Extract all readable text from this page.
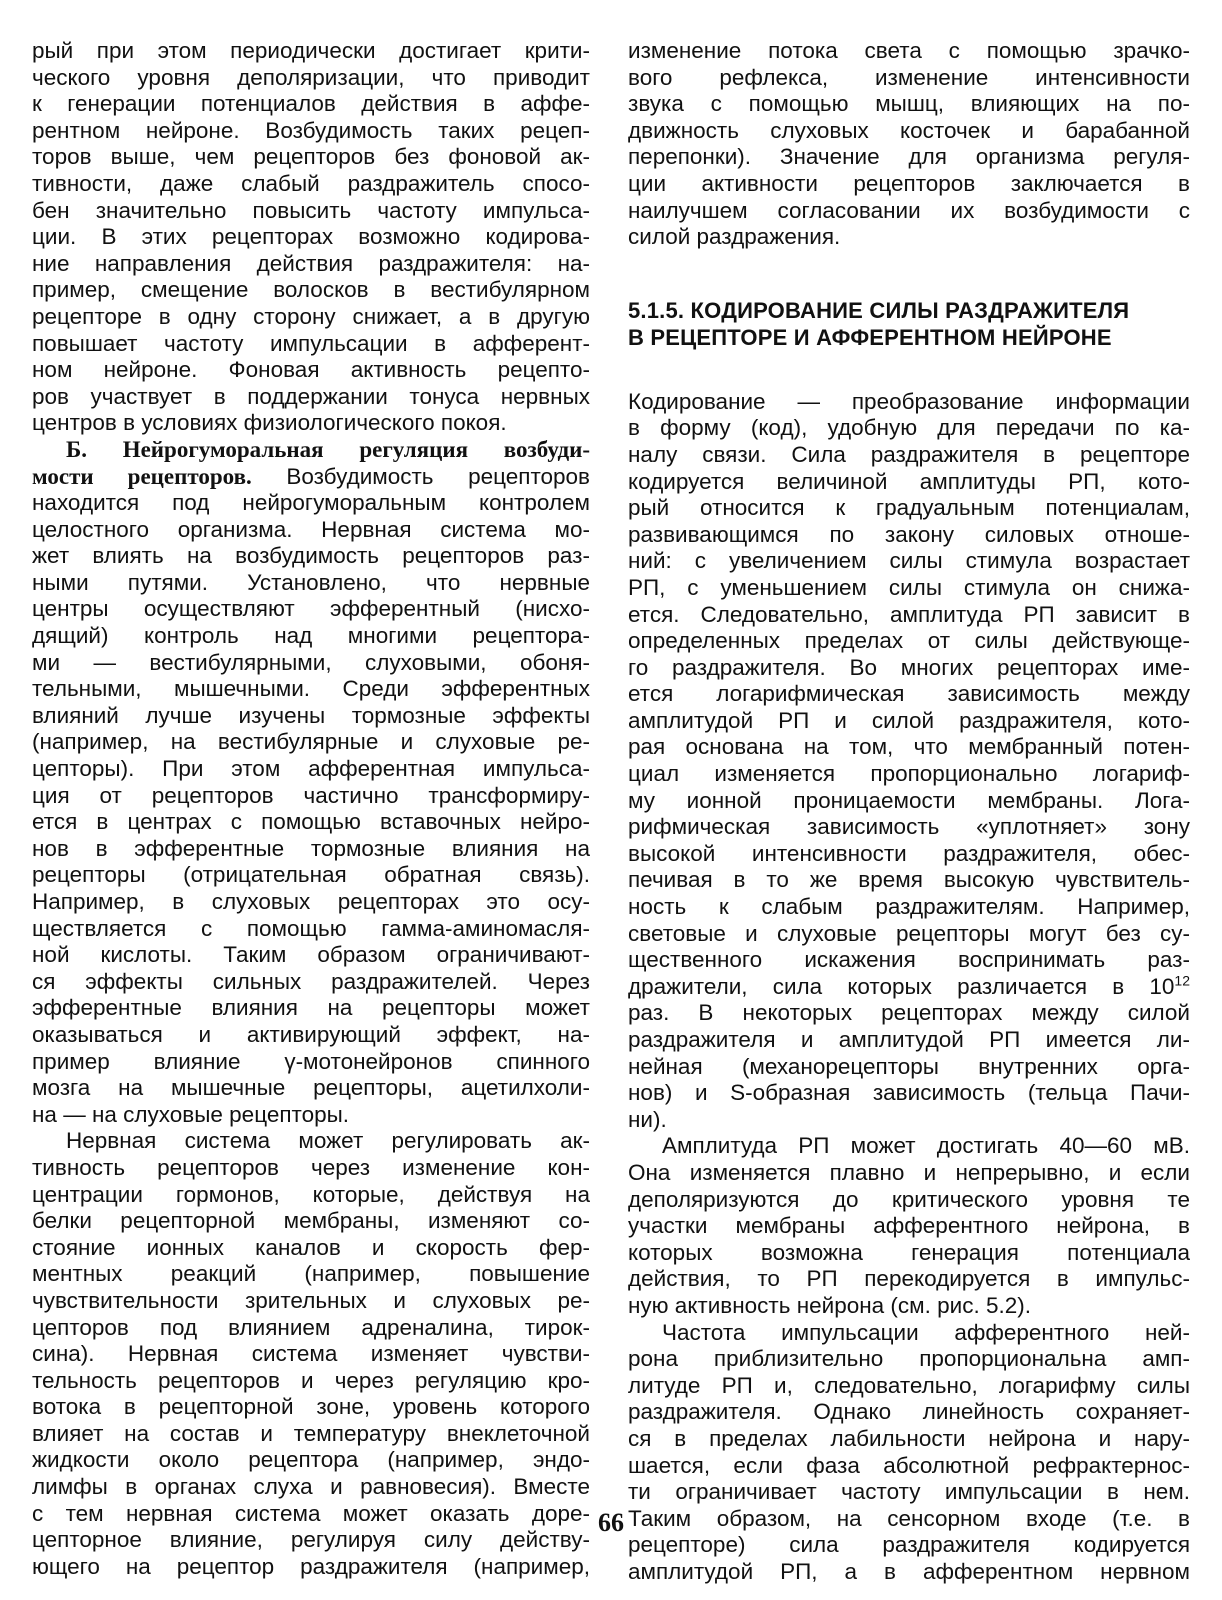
рый при этом периодически достигает крити-
ческого уровня деполяризации, что приводит
к генерации потенциалов действия в аффе-
рентном нейроне. Возбудимость таких рецеп-
торов выше, чем рецепторов без фоновой ак-
тивности, даже слабый раздражитель спосо-
бен значительно повысить частоту импульса-
ции. В этих рецепторах возможно кодирова-
ние направления действия раздражителя: на-
пример, смещение волосков в вестибулярном
рецепторе в одну сторону снижает, а в другую
повышает частоту импульсации в афферент-
ном нейроне. Фоновая активность рецепто-
ров участвует в поддержании тонуса нервных
центров в условиях физиологического покоя.
Б. Нейрогуморальная регуляция возбуди-
мости рецепторов. Возбудимость рецепторов
находится под нейрогуморальным контролем
целостного организма. Нервная система мо-
жет влиять на возбудимость рецепторов раз-
ными путями. Установлено, что нервные
центры осуществляют эфферентный (нисхо-
дящий) контроль над многими рецептора-
ми — вестибулярными, слуховыми, обоня-
тельными, мышечными. Среди эфферентных
влияний лучше изучены тормозные эффекты
(например, на вестибулярные и слуховые ре-
цепторы). При этом афферентная импульса-
ция от рецепторов частично трансформиру-
ется в центрах с помощью вставочных нейро-
нов в эфферентные тормозные влияния на
рецепторы (отрицательная обратная связь).
Например, в слуховых рецепторах это осу-
ществляется с помощью гамма-аминомасля-
ной кислоты. Таким образом ограничивают-
ся эффекты сильных раздражителей. Через
эфферентные влияния на рецепторы может
оказываться и активирующий эффект, на-
пример влияние γ-мотонейронов спинного
мозга на мышечные рецепторы, ацетилхоли-
на — на слуховые рецепторы.
Нервная система может регулировать ак-
тивность рецепторов через изменение кон-
центрации гормонов, которые, действуя на
белки рецепторной мембраны, изменяют со-
стояние ионных каналов и скорость фер-
ментных реакций (например, повышение
чувствительности зрительных и слуховых ре-
цепторов под влиянием адреналина, тирок-
сина). Нервная система изменяет чувстви-
тельность рецепторов и через регуляцию кро-
вотока в рецепторной зоне, уровень которого
влияет на состав и температуру внеклеточной
жидкости около рецептора (например, эндо-
лимфы в органах слуха и равновесия). Вместе
с тем нервная система может оказать доре-
цепторное влияние, регулируя силу действу-
ющего на рецептор раздражителя (например,
изменение потока света с помощью зрачко-
вого рефлекса, изменение интенсивности
звука с помощью мышц, влияющих на по-
движность слуховых косточек и барабанной
перепонки). Значение для организма регуля-
ции активности рецепторов заключается в
наилучшем согласовании их возбудимости с
силой раздражения.
5.1.5. КОДИРОВАНИЕ СИЛЫ РАЗДРАЖИТЕЛЯ
В РЕЦЕПТОРЕ И АФФЕРЕНТНОМ НЕЙРОНЕ
Кодирование — преобразование информации
в форму (код), удобную для передачи по ка-
налу связи. Сила раздражителя в рецепторе
кодируется величиной амплитуды РП, кото-
рый относится к градуальным потенциалам,
развивающимся по закону силовых отноше-
ний: с увеличением силы стимула возрастает
РП, с уменьшением силы стимула он снижа-
ется. Следовательно, амплитуда РП зависит в
определенных пределах от силы действующе-
го раздражителя. Во многих рецепторах име-
ется логарифмическая зависимость между
амплитудой РП и силой раздражителя, кото-
рая основана на том, что мембранный потен-
циал изменяется пропорционально логариф-
му ионной проницаемости мембраны. Лога-
рифмическая зависимость «уплотняет» зону
высокой интенсивности раздражителя, обес-
печивая в то же время высокую чувствитель-
ность к слабым раздражителям. Например,
световые и слуховые рецепторы могут без су-
щественного искажения воспринимать раз-
дражители, сила которых различается в $10^{12}$
раз. В некоторых рецепторах между силой
раздражителя и амплитудой РП имеется ли-
нейная (механорецепторы внутренних орга-
нов) и S-образная зависимость (тельца Пачи-
ни).
Амплитуда РП может достигать 40—60 мВ.
Она изменяется плавно и непрерывно, и если
деполяризуются до критического уровня те
участки мембраны афферентного нейрона, в
которых возможна генерация потенциала
действия, то РП перекодируется в импульс-
ную активность нейрона (см. рис. 5.2).
Частота импульсации афферентного ней-
рона приблизительно пропорциональна амп-
литуде РП и, следовательно, логарифму силы
раздражителя. Однако линейность сохраняет-
ся в пределах лабильности нейрона и нару-
шается, если фаза абсолютной рефрактернос-
ти ограничивает частоту импульсации в нем.
Таким образом, на сенсорном входе (т.е. в
рецепторе) сила раздражителя кодируется
амплитудой РП, а в афферентном нервном
66
